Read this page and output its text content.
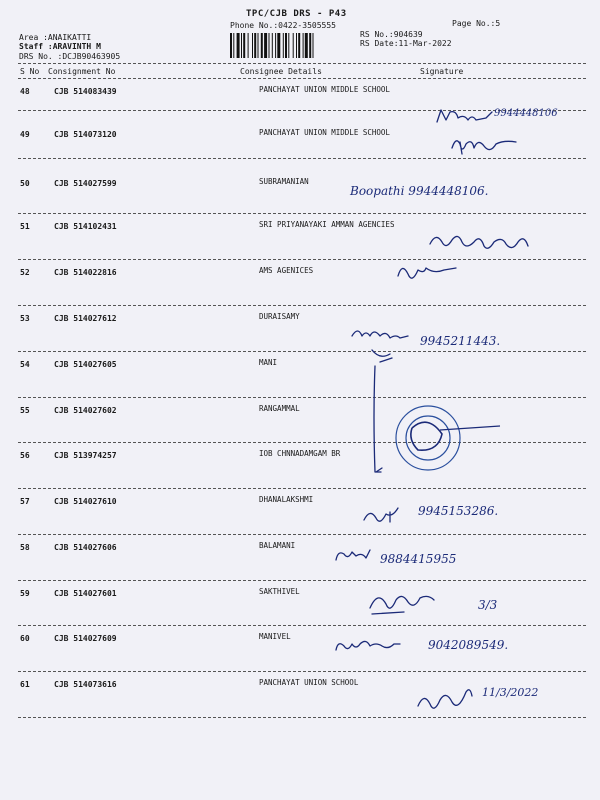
TPC/CJB DRS - P43
Phone No.:0422-3505555	Page No.:5
Area :ANAIKATTI
Staff :ARAVINTH M
DRS No. :DCJB90463905
RS No.:904639
RS Date:11-Mar-2022
S No Consignment No	Consignee Details	Signature
48	CJB 514083439	PANCHAYAT UNION MIDDLE SCHOOL
49	CJB 514073120	PANCHAYAT UNION MIDDLE SCHOOL
50	CJB 514027599	SUBRAMANIAN
51	CJB 514102431	SRI PRIYANAYAKI AMMAN AGENCIES
52	CJB 514022816	AMS AGENICES
53	CJB 514027612	DURAISAMY
54	CJB 514027605	MANI
55	CJB 514027602	RANGAMMAL
56	CJB 513974257	IOB CHNNADAMGAM BR
57	CJB 514027610	DHANALAKSHMI
58	CJB 514027606	BALAMANI
59	CJB 514027601	SAKTHIVEL
60	CJB 514027609	MANIVEL
61	CJB 514073616	PANCHAYAT UNION SCHOOL
9944448106
Boopathi 9944448106.
9945211443.
9945153286.
9884415955
3/3
9042089549.
11/3/2022
